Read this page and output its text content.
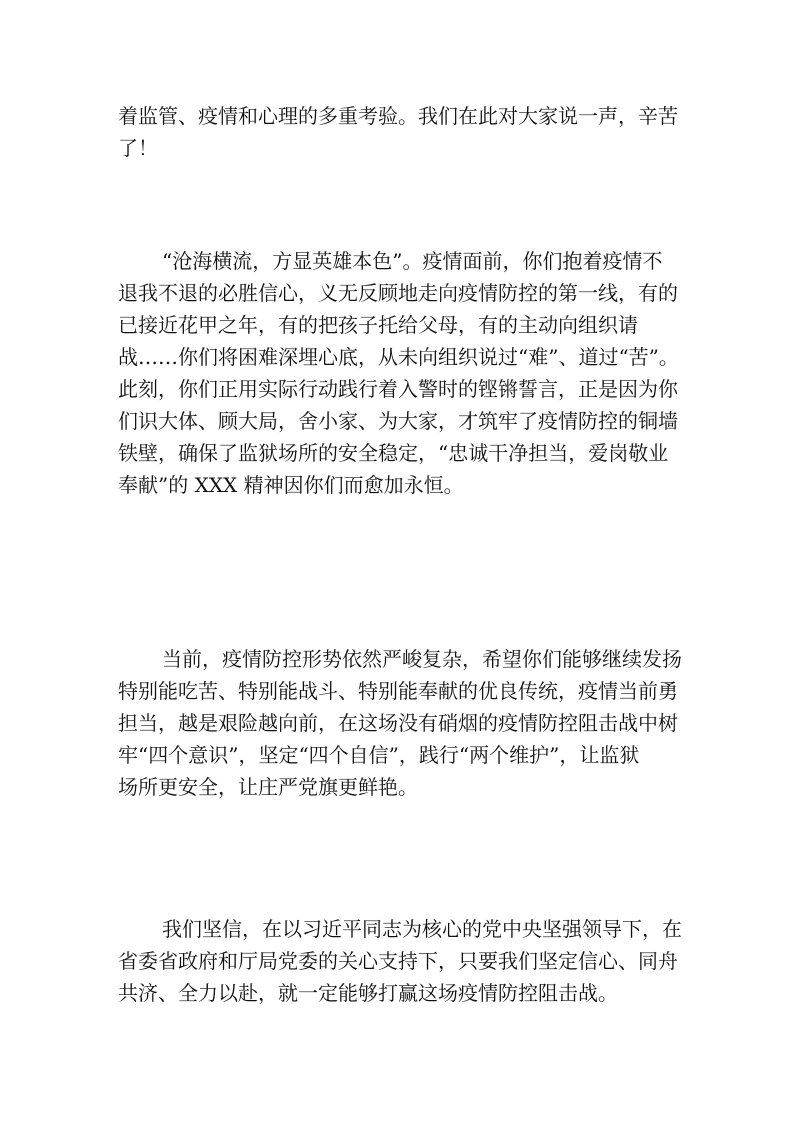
着监管、疫情和心理的多重考验。我们在此对大家说一声，辛苦
了！
“沧海横流，方显英雄本色”。疫情面前，你们抱着疫情不
退我不退的必胜信心，义无反顾地走向疫情防控的第一线，有的
已接近花甲之年，有的把孩子托给父母，有的主动向组织请
战……你们将困难深埋心底，从未向组织说过“难”、道过“苦”。
此刻，你们正用实际行动践行着入警时的铿锵誓言，正是因为你
们识大体、顾大局，舍小家、为大家，才筑牢了疫情防控的铜墙
铁壁，确保了监狱场所的安全稳定，“忠诚干净担当，爱岗敬业
奉献”的 XXX 精神因你们而愈加永恒。
当前，疫情防控形势依然严峻复杂，希望你们能够继续发扬
特别能吃苦、特别能战斗、特别能奉献的优良传统，疫情当前勇
担当，越是艰险越向前，在这场没有硝烟的疫情防控阻击战中树
牢“四个意识”，坚定“四个自信”，践行“两个维护”，让监狱
场所更安全，让庄严党旗更鲜艳。
我们坚信，在以习近平同志为核心的党中央坚强领导下，在
省委省政府和厅局党委的关心支持下，只要我们坚定信心、同舟
共济、全力以赴，就一定能够打赢这场疫情防控阻击战。
